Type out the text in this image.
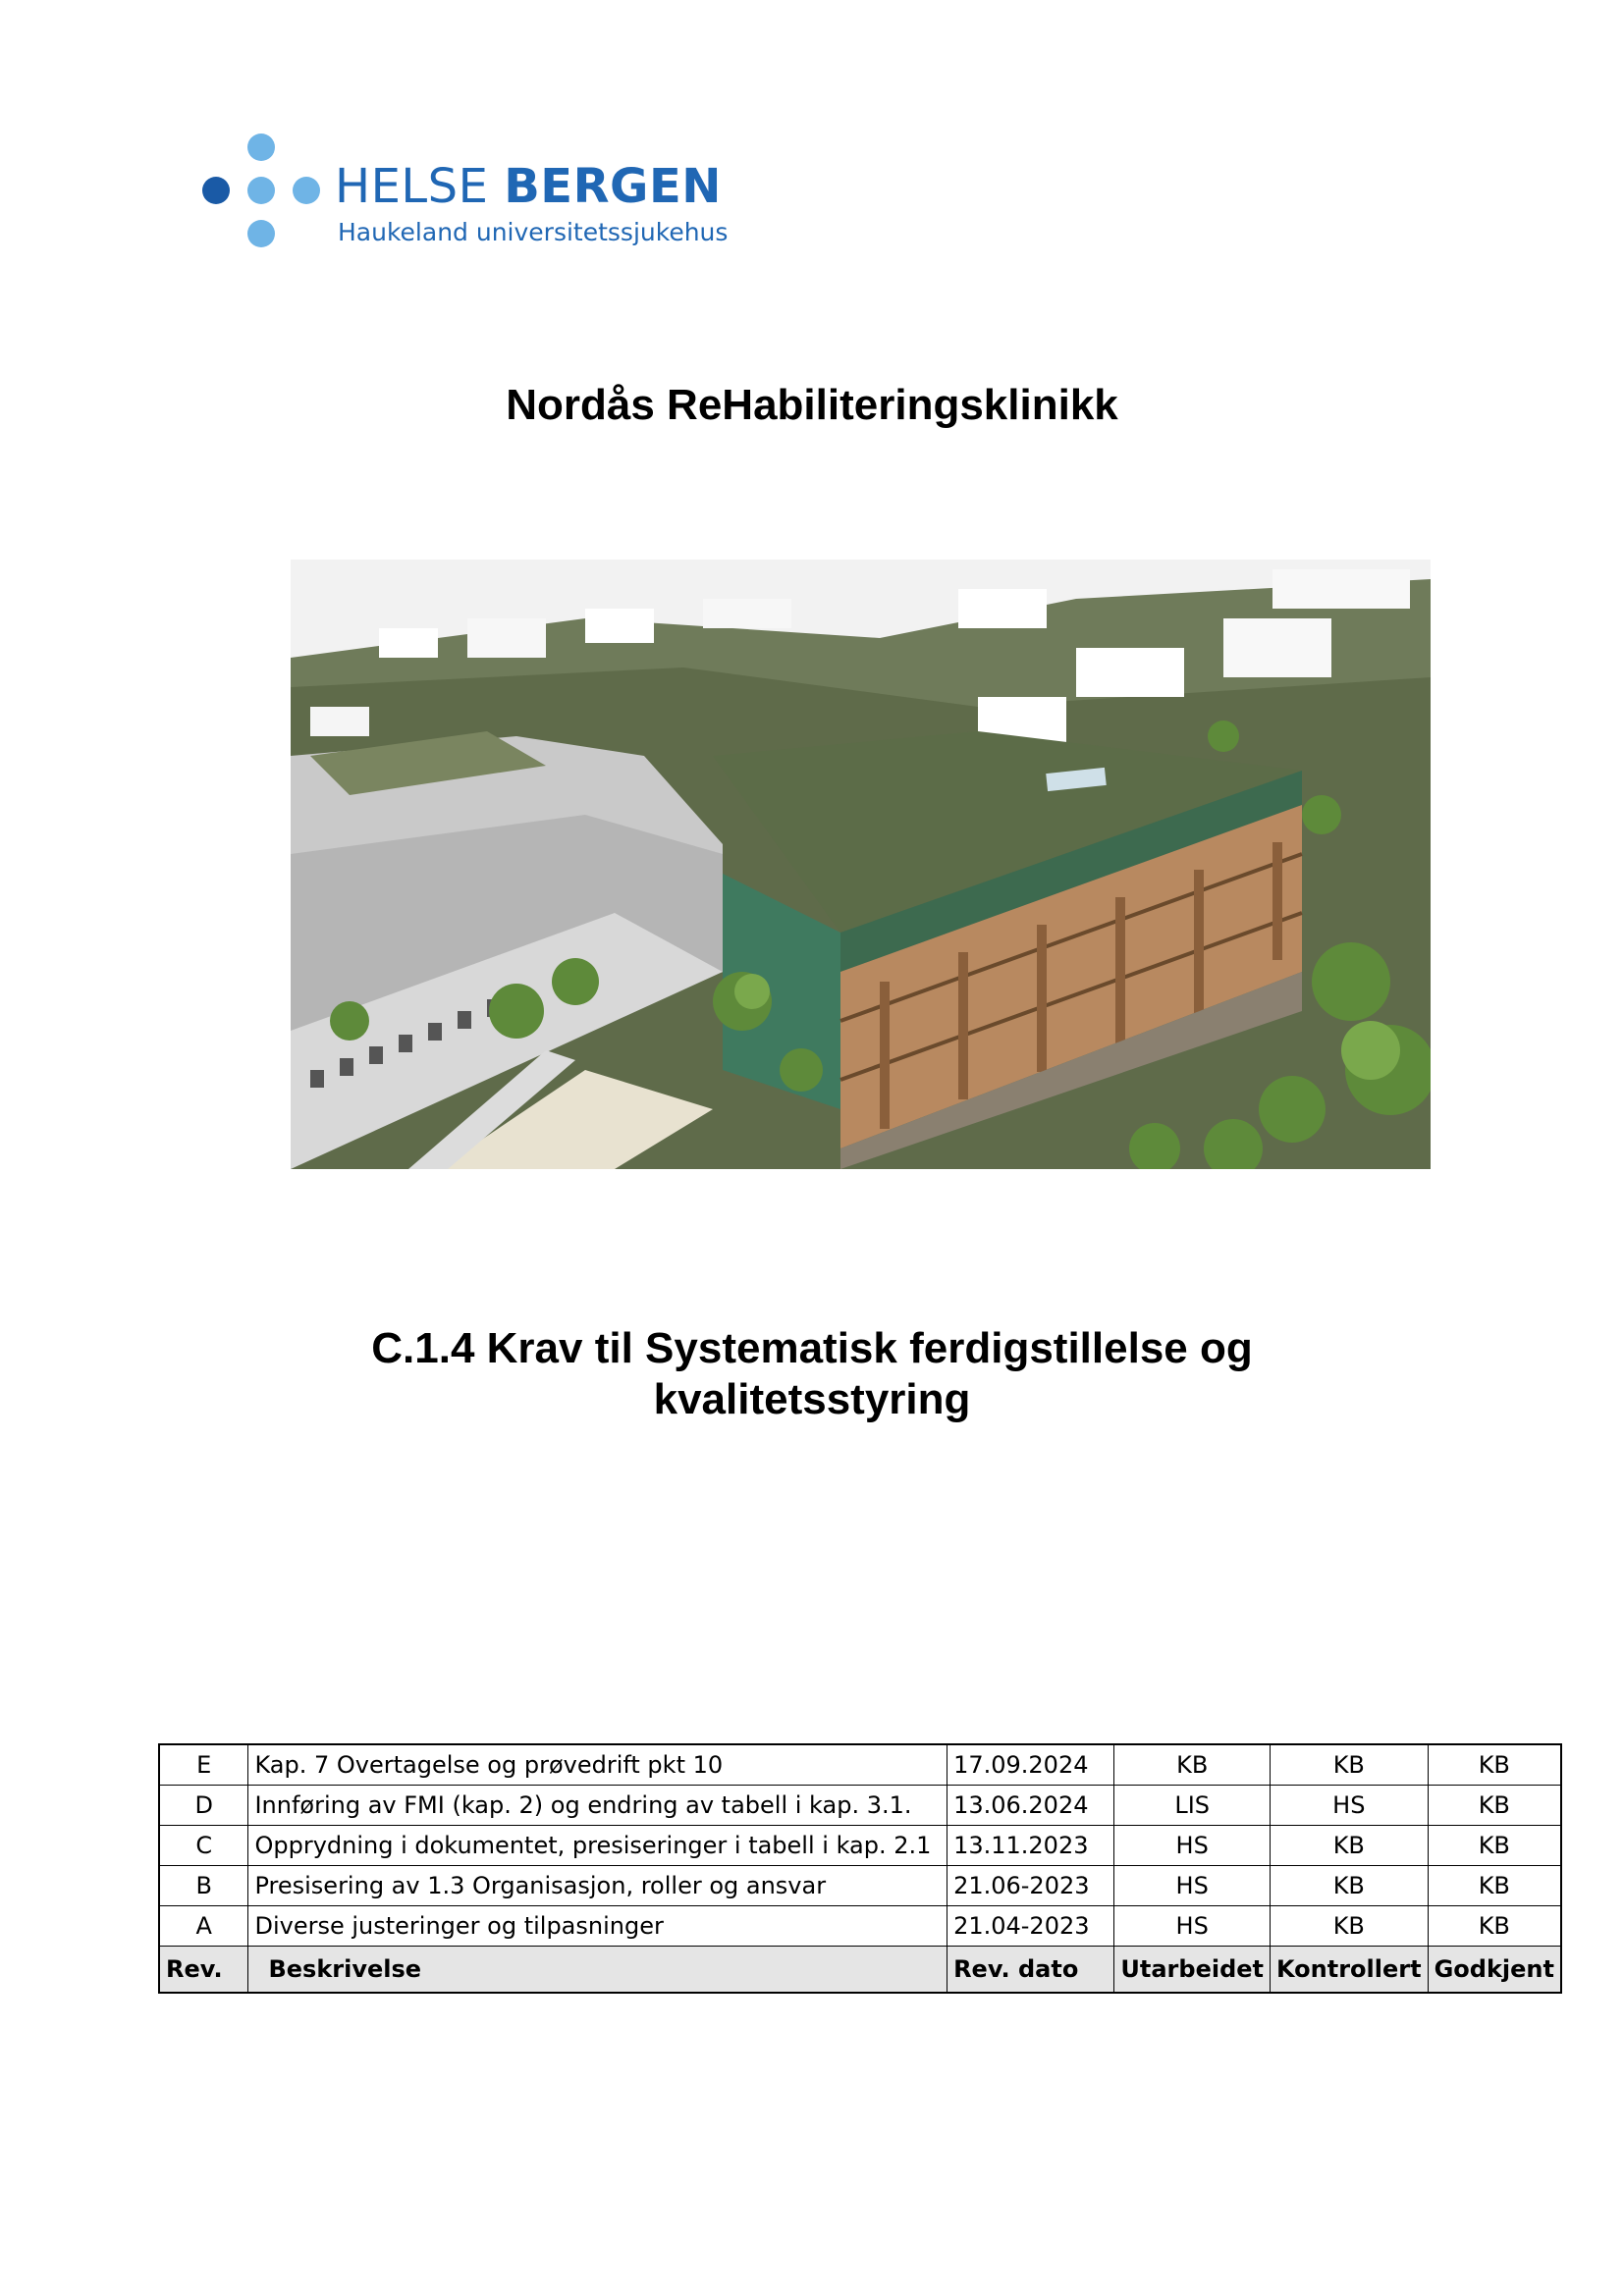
HELSE BERGEN
Haukeland universitetssjukehus
Nordås ReHabiliteringsklinikk
C.1.4 Krav til Systematisk ferdigstillelse og
kvalitetsstyring
E	Kap. 7 Overtagelse og prøvedrift pkt 10	17.09.2024	KB	KB	KB
D	Innføring av FMI (kap. 2) og endring av tabell i kap. 3.1.	13.06.2024	LIS	HS	KB
C	Opprydning i dokumentet, presiseringer i tabell i kap. 2.1	13.11.2023	HS	KB	KB
B	Presisering av 1.3 Organisasjon, roller og ansvar	21.06-2023	HS	KB	KB
A	Diverse justeringer og tilpasninger	21.04-2023	HS	KB	KB
Rev.	Beskrivelse	Rev. dato	Utarbeidet	Kontrollert	Godkjent
